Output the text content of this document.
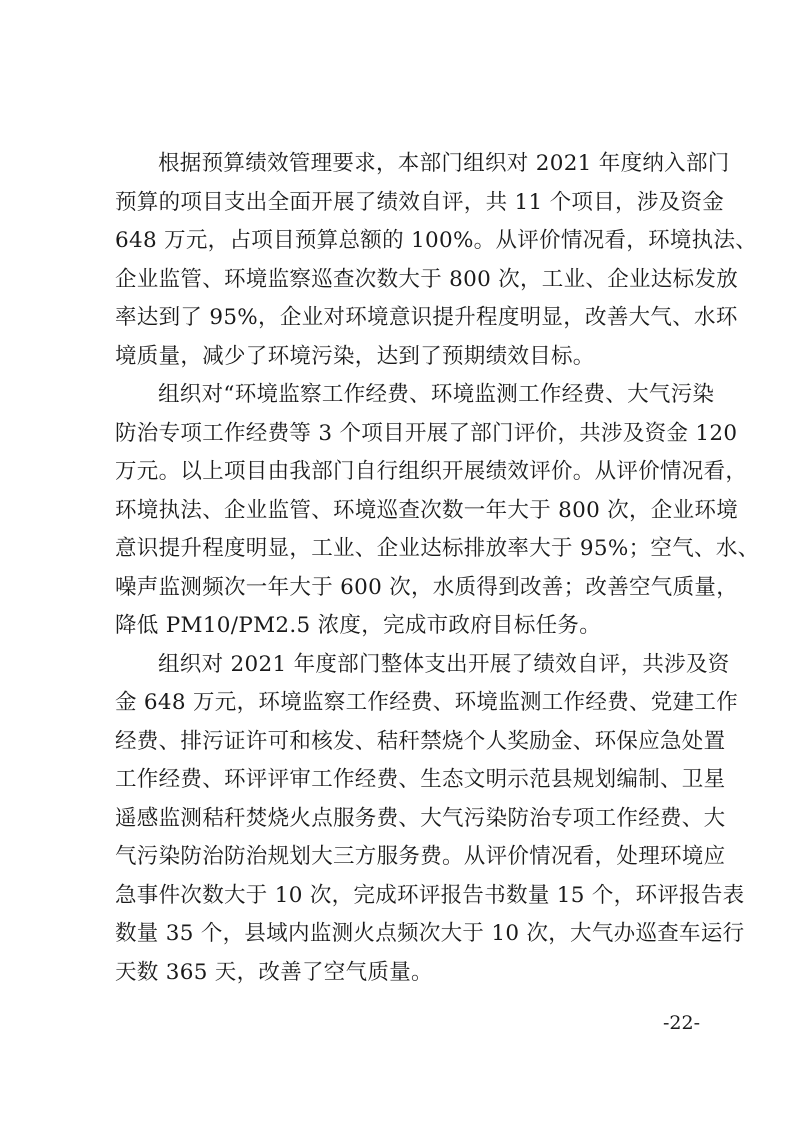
根据预算绩效管理要求，本部门组织对 2021 年度纳入部门
预算的项目支出全面开展了绩效自评，共 11 个项目，涉及资金
648 万元，占项目预算总额的 100%。从评价情况看，环境执法、
企业监管、环境监察巡查次数大于 800 次，工业、企业达标发放
率达到了 95%，企业对环境意识提升程度明显，改善大气、水环
境质量，减少了环境污染，达到了预期绩效目标。
组织对“环境监察工作经费、环境监测工作经费、大气污染
防治专项工作经费等 3 个项目开展了部门评价，共涉及资金 120
万元。以上项目由我部门自行组织开展绩效评价。从评价情况看，
环境执法、企业监管、环境巡查次数一年大于 800 次，企业环境
意识提升程度明显，工业、企业达标排放率大于 95%；空气、水、
噪声监测频次一年大于 600 次，水质得到改善；改善空气质量，
降低 PM10/PM2.5 浓度，完成市政府目标任务。
组织对 2021 年度部门整体支出开展了绩效自评，共涉及资
金 648 万元，环境监察工作经费、环境监测工作经费、党建工作
经费、排污证许可和核发、秸秆禁烧个人奖励金、环保应急处置
工作经费、环评评审工作经费、生态文明示范县规划编制、卫星
遥感监测秸秆焚烧火点服务费、大气污染防治专项工作经费、大
气污染防治防治规划大三方服务费。从评价情况看，处理环境应
急事件次数大于 10 次，完成环评报告书数量 15 个，环评报告表
数量 35 个，县域内监测火点频次大于 10 次，大气办巡查车运行
天数 365 天，改善了空气质量。
-22-
